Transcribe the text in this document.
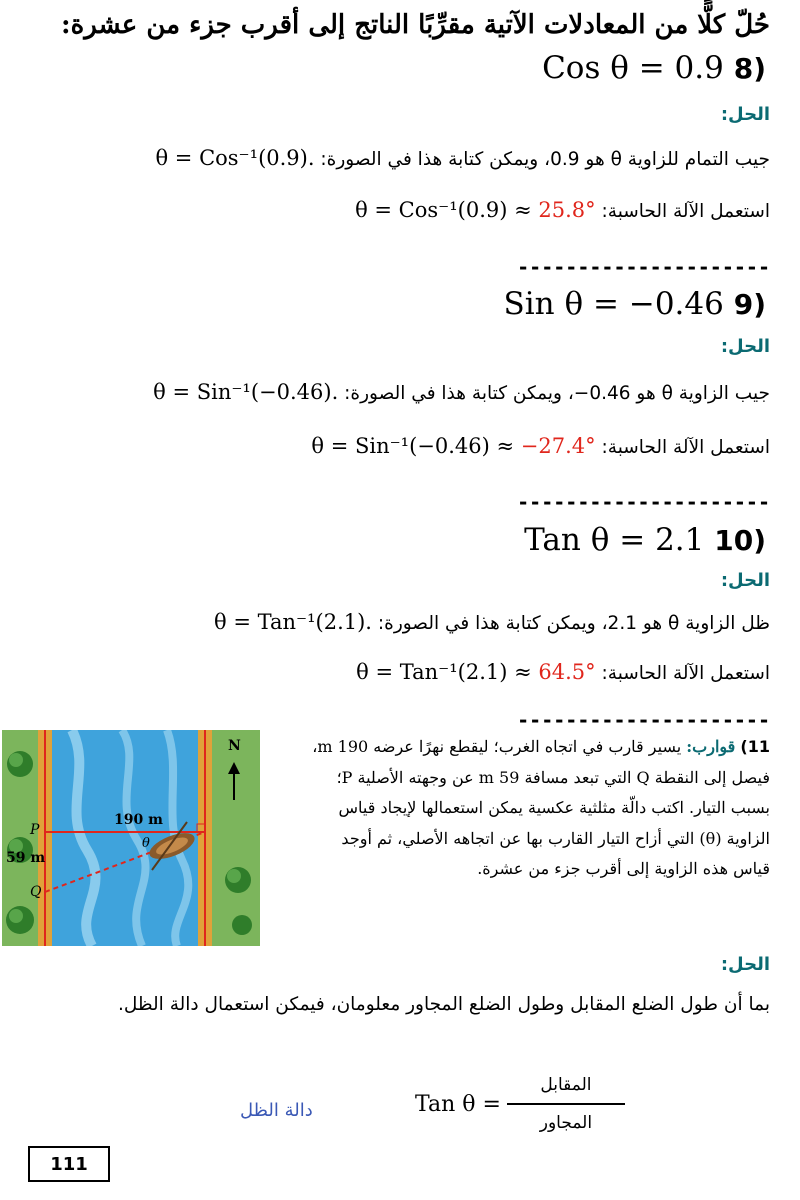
حُلّ كلًّا من المعادلات الآتية مقرِّبًا الناتج إلى أقرب جزء من عشرة:
(8 Cos θ = 0.9
الحل:
جيب التمام للزاوية θ هو 0.9، ويمكن كتابة هذا في الصورة: θ = Cos⁻¹(0.9).
استعمل الآلة الحاسبة: θ = Cos⁻¹(0.9) ≈ 25.8°
---------------------
(9 Sin θ = −0.46
الحل:
جيب الزاوية θ هو 0.46−، ويمكن كتابة هذا في الصورة: θ = Sin⁻¹(−0.46).
استعمل الآلة الحاسبة: θ = Sin⁻¹(−0.46) ≈ −27.4°
---------------------
(10 Tan θ = 2.1
الحل:
ظل الزاوية θ هو 2.1، ويمكن كتابة هذا في الصورة: θ = Tan⁻¹(2.1).
استعمل الآلة الحاسبة: θ = Tan⁻¹(2.1) ≈ 64.5°
---------------------
N
190 m
θ
P
59 m
Q
11) قوارب: يسير قارب في اتجاه الغرب؛ ليقطع نهرًا عرضه 190 m،
فيصل إلى النقطة Q التي تبعد مسافة 59 m عن وجهته الأصلية P؛
بسبب التيار. اكتب دالّة مثلثية عكسية يمكن استعمالها لإيجاد قياس
الزاوية (θ) التي أزاح التيار القارب بها عن اتجاهه الأصلي، ثم أوجد
قياس هذه الزاوية إلى أقرب جزء من عشرة.
الحل:
بما أن طول الضلع المقابل وطول الضلع المجاور معلومان، فيمكن استعمال دالة الظل.
دالة الظل	Tan $\theta = \frac{\text{المقابل}}{\text{المجاور}}$
111
